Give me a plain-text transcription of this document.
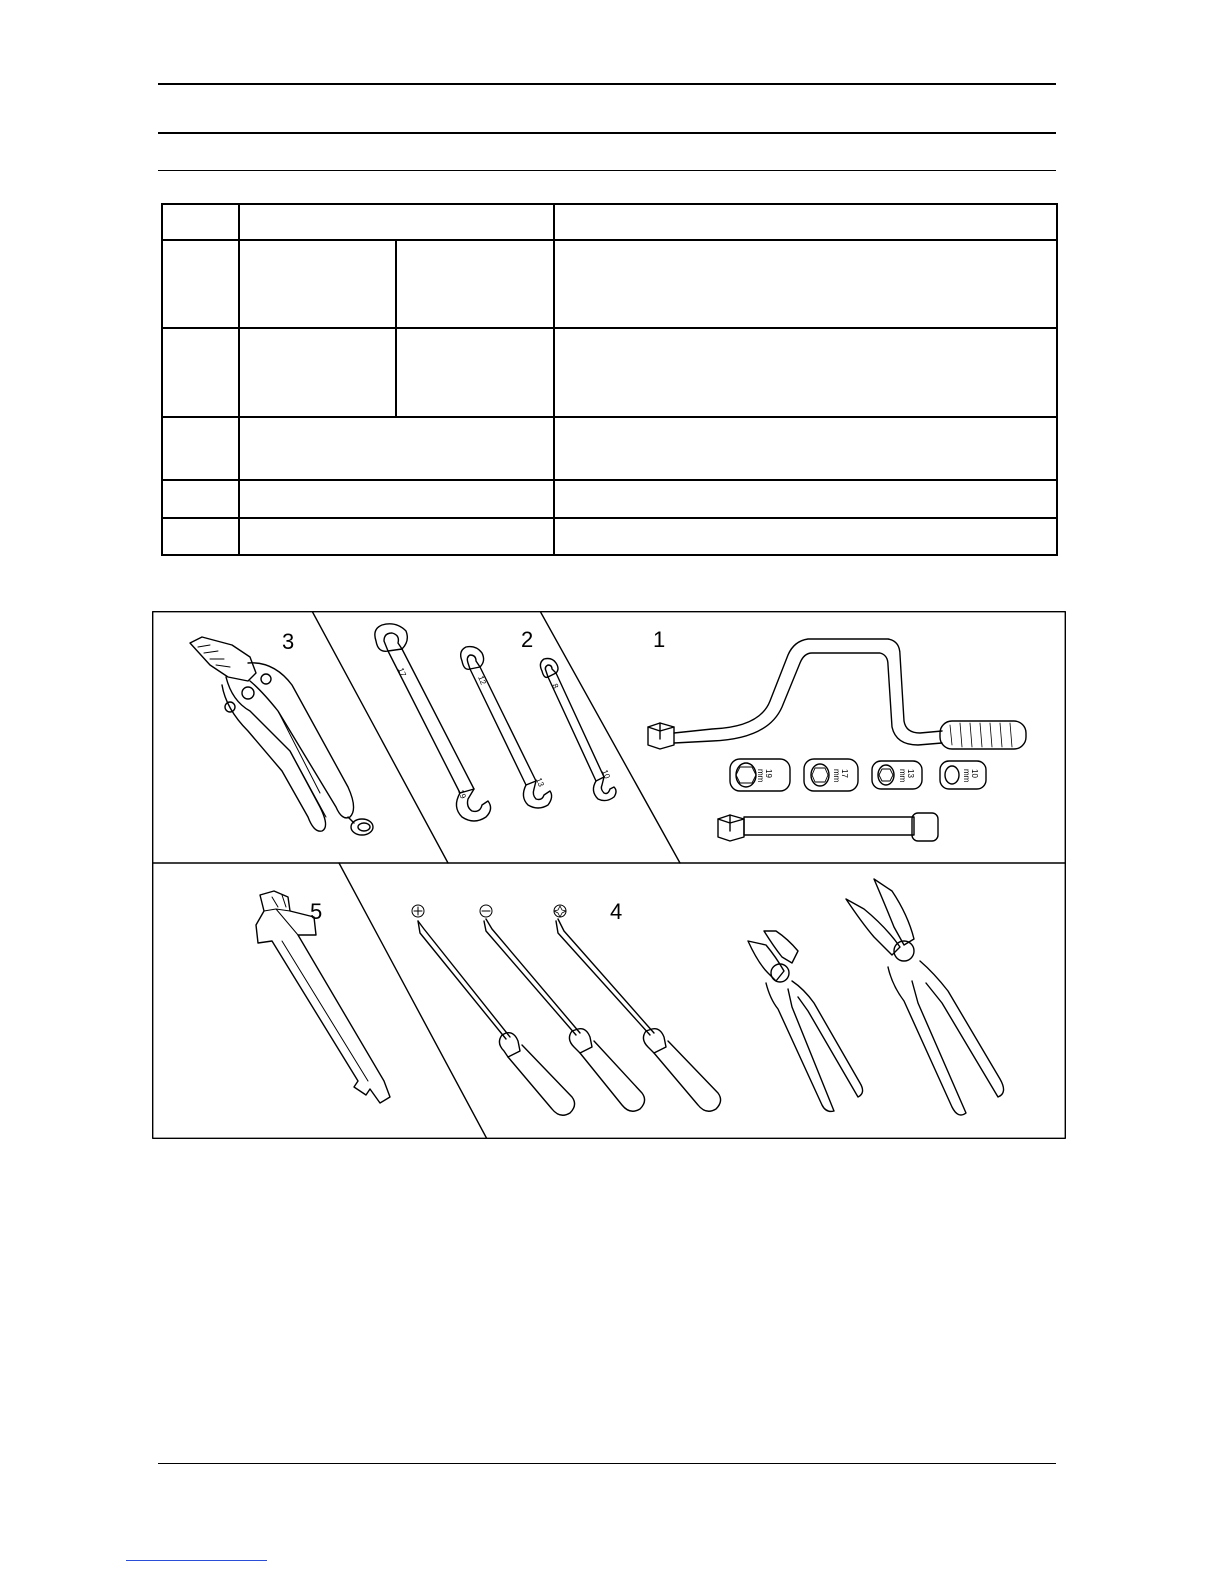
1
2
3
4
5
19
mm	17
mm	13
mm	10
mm
17
19
12
13
8
10
